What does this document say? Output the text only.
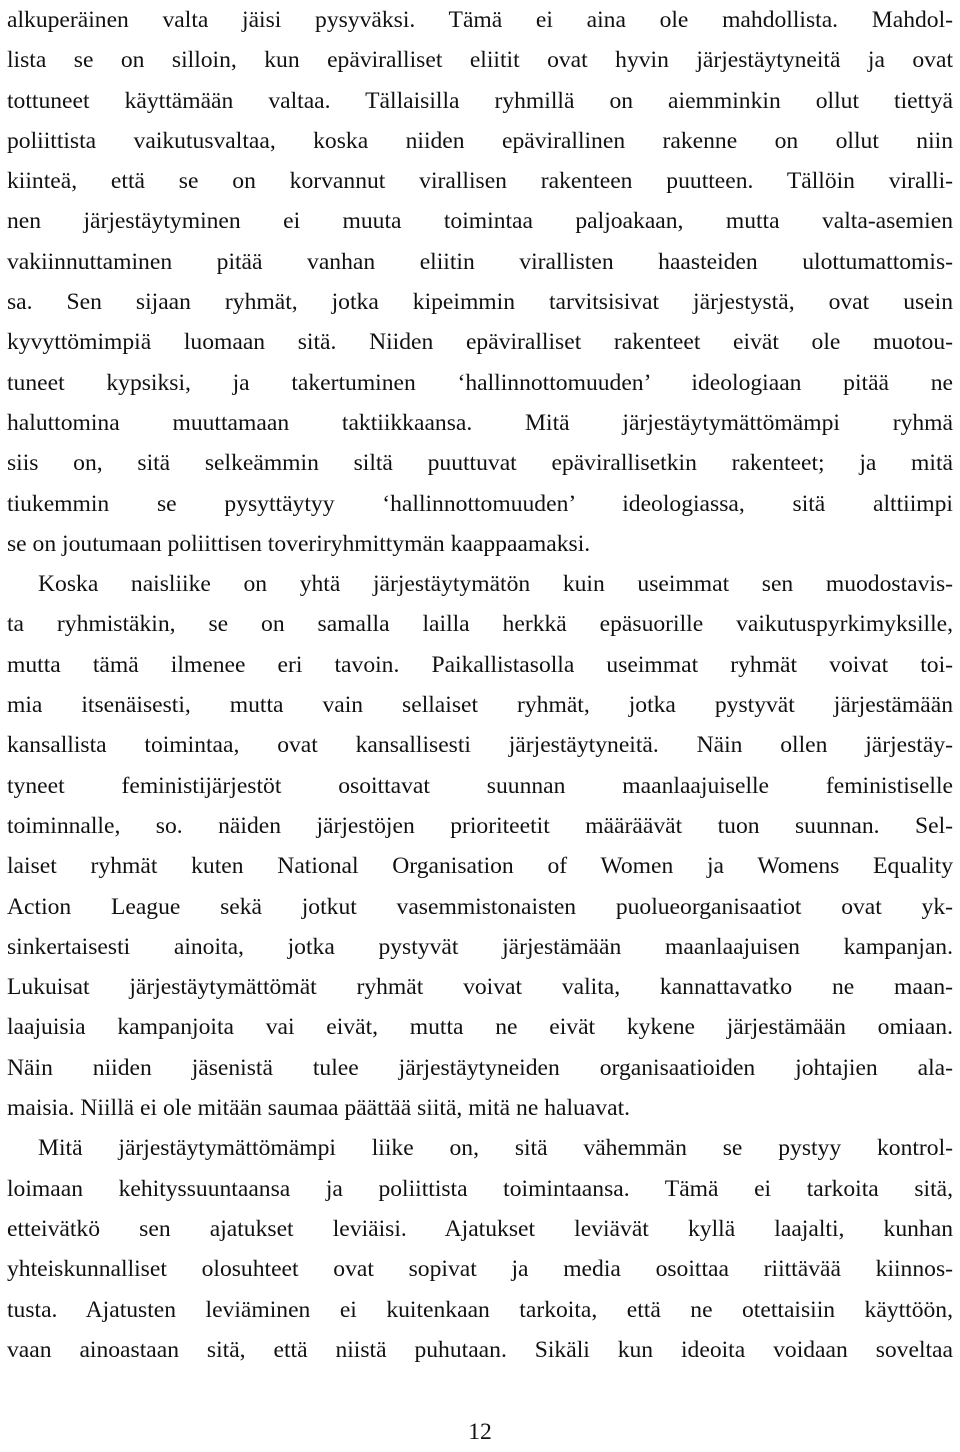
alkuperäinen valta jäisi pysyväksi. Tämä ei aina ole mahdollista. Mahdol-
lista se on silloin, kun epäviralliset eliitit ovat hyvin järjestäytyneitä ja ovat
tottuneet käyttämään valtaa. Tällaisilla ryhmillä on aiemminkin ollut tiettyä
poliittista vaikutusvaltaa, koska niiden epävirallinen rakenne on ollut niin
kiinteä, että se on korvannut virallisen rakenteen puutteen. Tällöin viralli-
nen järjestäytyminen ei muuta toimintaa paljoakaan, mutta valta-asemien
vakiinnuttaminen pitää vanhan eliitin virallisten haasteiden ulottumattomis-
sa. Sen sijaan ryhmät, jotka kipeimmin tarvitsisivat järjestystä, ovat usein
kyvyttömimpiä luomaan sitä. Niiden epäviralliset rakenteet eivät ole muotou-
tuneet kypsiksi, ja takertuminen ‘hallinnottomuuden’ ideologiaan pitää ne
haluttomina muuttamaan taktiikkaansa. Mitä järjestäytymättömämpi ryhmä
siis on, sitä selkeämmin siltä puuttuvat epävirallisetkin rakenteet; ja mitä
tiukemmin se pysyttäytyy ‘hallinnottomuuden’ ideologiassa, sitä alttiimpi
se on joutumaan poliittisen toveriryhmittymän kaappaamaksi.
Koska naisliike on yhtä järjestäytymätön kuin useimmat sen muodostavis-
ta ryhmistäkin, se on samalla lailla herkkä epäsuorille vaikutuspyrkimyksille,
mutta tämä ilmenee eri tavoin. Paikallistasolla useimmat ryhmät voivat toi-
mia itsenäisesti, mutta vain sellaiset ryhmät, jotka pystyvät järjestämään
kansallista toimintaa, ovat kansallisesti järjestäytyneitä. Näin ollen järjestäy-
tyneet feministijärjestöt osoittavat suunnan maanlaajuiselle feministiselle
toiminnalle, so. näiden järjestöjen prioriteetit määräävät tuon suunnan. Sel-
laiset ryhmät kuten National Organisation of Women ja Womens Equality
Action League sekä jotkut vasemmistonaisten puolueorganisaatiot ovat yk-
sinkertaisesti ainoita, jotka pystyvät järjestämään maanlaajuisen kampanjan.
Lukuisat järjestäytymättömät ryhmät voivat valita, kannattavatko ne maan-
laajuisia kampanjoita vai eivät, mutta ne eivät kykene järjestämään omiaan.
Näin niiden jäsenistä tulee järjestäytyneiden organisaatioiden johtajien ala-
maisia. Niillä ei ole mitään saumaa päättää siitä, mitä ne haluavat.
Mitä järjestäytymättömämpi liike on, sitä vähemmän se pystyy kontrol-
loimaan kehityssuuntaansa ja poliittista toimintaansa. Tämä ei tarkoita sitä,
etteivätkö sen ajatukset leviäisi. Ajatukset leviävät kyllä laajalti, kunhan
yhteiskunnalliset olosuhteet ovat sopivat ja media osoittaa riittävää kiinnos-
tusta. Ajatusten leviäminen ei kuitenkaan tarkoita, että ne otettaisiin käyttöön,
vaan ainoastaan sitä, että niistä puhutaan. Sikäli kun ideoita voidaan soveltaa
12
